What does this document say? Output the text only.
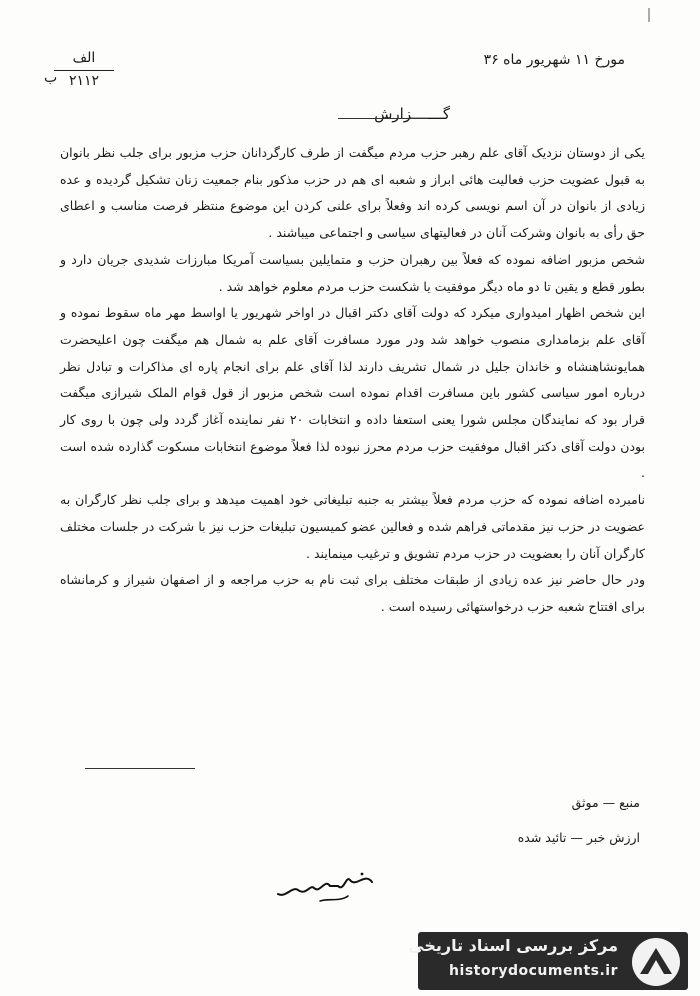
مورخ ۱۱ شهریور ماه ۳۶
الف
۲۱۱۲
ب
گـــــــزارش

یکی از دوستان نزدیک آقای علم رهبر حزب مردم میگفت از طرف کارگردانان حزب مزبور برای جلب نظر بانوان به قبول عضویت حزب فعالیت هائی ابراز و شعبه ای هم در حزب مذکور بنام جمعیت زنان تشکیل گردیده و عده زیادی از بانوان در آن اسم نویسی کرده اند وفعلاً برای علنی کردن این موضوع منتظر فرصت مناسب و اعطای حق رأی به بانوان وشرکت آنان در فعالیتهای سیاسی و اجتماعی میباشند .

شخص مزبور اضافه نموده که فعلاً بین رهبران حزب و متمایلین بسیاست آمریکا مبارزات شدیدی جریان دارد و بطور قطع و یقین تا دو ماه دیگر موفقیت یا شکست حزب مردم معلوم خواهد شد .

این شخص اظهار امیدواری میکرد که دولت آقای دکتر اقبال در اواخر شهریور یا اواسط مهر ماه سقوط نموده و آقای علم بزمامداری منصوب خواهد شد ودر مورد مسافرت آقای علم به شمال هم میگفت چون اعلیحضرت همایونشاهنشاه و خاندان جلیل در شمال تشریف دارند لذا آقای علم برای انجام پاره ای مذاکرات و تبادل نظر درباره امور سیاسی کشور باین مسافرت اقدام نموده است شخص مزبور از قول قوام الملک شیرازی میگفت قرار بود که نمایندگان مجلس شورا یعنی استعفا داده و انتخابات ۲۰ نفر نماینده آغاز گردد ولی چون با روی کار بودن دولت آقای دکتر اقبال موفقیت حزب مردم محرز نبوده لذا فعلاً موضوع انتخابات مسکوت گذارده شده است .

نامبرده اضافه نموده که حزب مردم فعلاً بیشتر به جنبه تبلیغاتی خود اهمیت میدهد و برای جلب نظر کارگران به عضویت در حزب نیز مقدماتی فراهم شده و فعالین عضو کمیسیون تبلیغات حزب نیز با شرکت در جلسات مختلف کارگران آنان را بعضویت در حزب مردم تشویق و ترغیب مینمایند .

ودر حال حاضر نیز عده زیادی از طبقات مختلف برای ثبت نام به حزب مراجعه و از اصفهان شیراز و کرمانشاه برای افتتاح شعبه حزب درخواستهائی رسیده است .

منبع — موثق
ارزش خبر — تائید شده
مرکز بررسی اسناد تاریخی
historydocuments.ir
